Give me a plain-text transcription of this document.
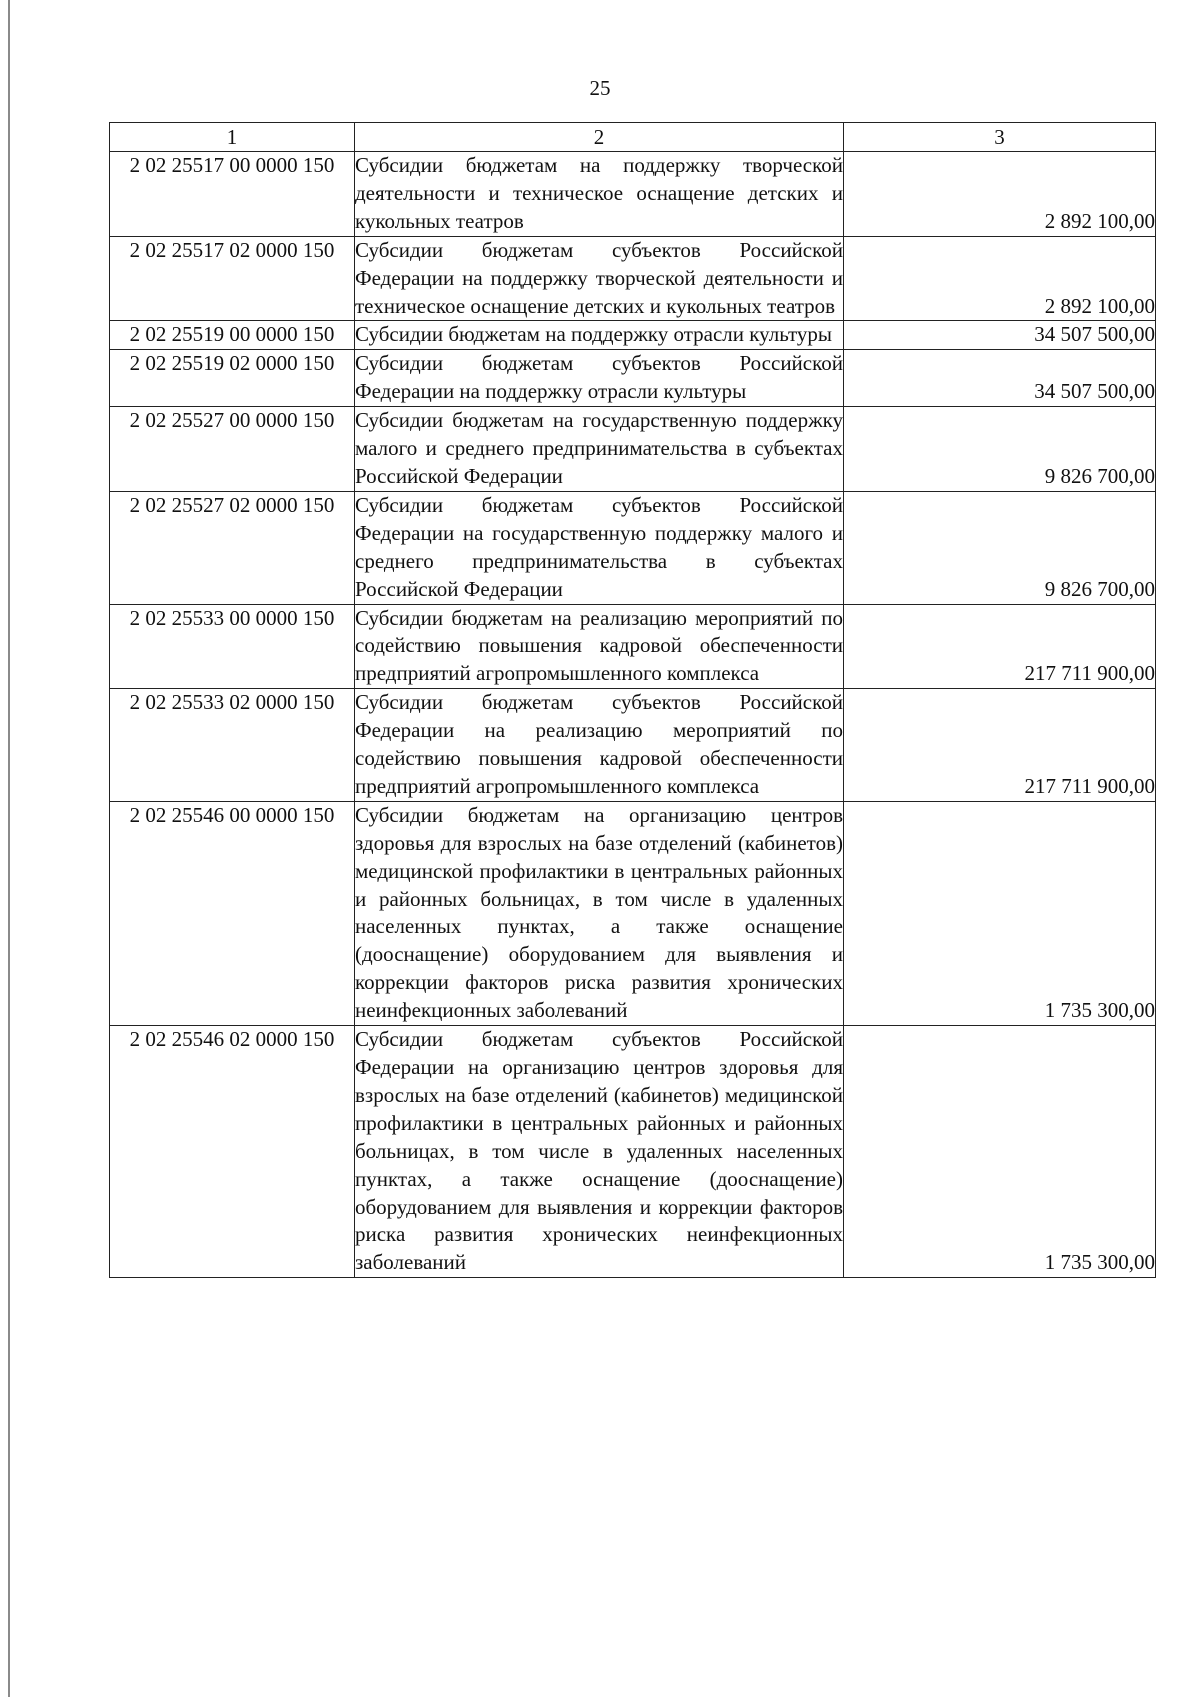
25
1	2	3
2 02 25517 00 0000 150	Субсидии бюджетам на поддержку творческой деятельности и техническое оснащение детских и кукольных театров	2 892 100,00
2 02 25517 02 0000 150	Субсидии бюджетам субъектов Российской Федерации на поддержку творческой деятельности и техническое оснащение детских и кукольных театров	2 892 100,00
2 02 25519 00 0000 150	Субсидии бюджетам на поддержку отрасли культуры	34 507 500,00
2 02 25519 02 0000 150	Субсидии бюджетам субъектов Российской Федерации на поддержку отрасли культуры	34 507 500,00
2 02 25527 00 0000 150	Субсидии бюджетам на государственную поддержку малого и среднего предпринимательства в субъектах Российской Федерации	9 826 700,00
2 02 25527 02 0000 150	Субсидии бюджетам субъектов Российской Федерации на государственную поддержку малого и среднего предпринимательства в субъектах Российской Федерации	9 826 700,00
2 02 25533 00 0000 150	Субсидии бюджетам на реализацию мероприятий по содействию повышения кадровой обеспеченности предприятий агропромышленного комплекса	217 711 900,00
2 02 25533 02 0000 150	Субсидии бюджетам субъектов Российской Федерации на реализацию мероприятий по содействию повышения кадровой обеспеченности предприятий агропромышленного комплекса	217 711 900,00
2 02 25546 00 0000 150	Субсидии бюджетам на организацию центров здоровья для взрослых на базе отделений (кабинетов) медицинской профилактики в центральных районных и районных больницах, в том числе в удаленных населенных пунктах, а также оснащение (дооснащение) оборудованием для выявления и коррекции факторов риска развития хронических неинфекционных заболеваний	1 735 300,00
2 02 25546 02 0000 150	Субсидии бюджетам субъектов Российской Федерации на организацию центров здоровья для взрослых на базе отделений (кабинетов) медицинской профилактики в центральных районных и районных больницах, в том числе в удаленных населенных пунктах, а также оснащение (дооснащение) оборудованием для выявления и коррекции факторов риска развития хронических неинфекционных заболеваний	1 735 300,00
